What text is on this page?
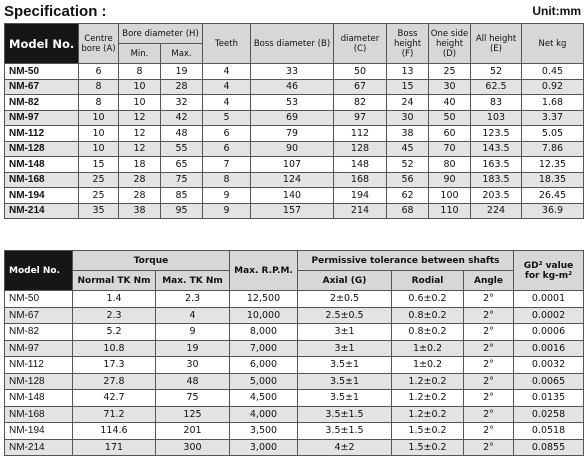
Specification :	Unit:mm
Model No.	Centre bore (A)	Bore diameter (H)		Teeth	Boss diameter (B)	diameter (C)	Boss height (F)	One side height (D)	All height (E)	Net kg
		Min.	Max.							
NM-50	6	8	19	4	33	50	13	25	52	0.45
NM-67	8	10	28	4	46	67	15	30	62.5	0.92
NM-82	8	10	32	4	53	82	24	40	83	1.68
NM-97	10	12	42	5	69	97	30	50	103	3.37
NM-112	10	12	48	6	79	112	38	60	123.5	5.05
NM-128	10	12	55	6	90	128	45	70	143.5	7.86
NM-148	15	18	65	7	107	148	52	80	163.5	12.35
NM-168	25	28	75	8	124	168	56	90	183.5	18.35
NM-194	25	28	85	9	140	194	62	100	203.5	26.45
NM-214	35	38	95	9	157	214	68	110	224	36.9
Model No.	Torque		Max. R.P.M.	Permissive tolerance between shafts			GD² value
for kg-m²
	Normal TK Nm	Max. TK Nm		Axial (G)	Rodial	Angle	
NM-50	1.4	2.3	12,500	2±0.5	0.6±0.2	2°	0.0001
NM-67	2.3	4	10,000	2.5±0.5	0.8±0.2	2°	0.0002
NM-82	5.2	9	8,000	3±1	0.8±0.2	2°	0.0006
NM-97	10.8	19	7,000	3±1	1±0.2	2°	0.0016
NM-112	17.3	30	6,000	3.5±1	1±0.2	2°	0.0032
NM-128	27.8	48	5,000	3.5±1	1.2±0.2	2°	0.0065
NM-148	42.7	75	4,500	3.5±1	1.2±0.2	2°	0.0135
NM-168	71.2	125	4,000	3.5±1.5	1.2±0.2	2°	0.0258
NM-194	114.6	201	3,500	3.5±1.5	1.5±0.2	2°	0.0518
NM-214	171	300	3,000	4±2	1.5±0.2	2°	0.0855
